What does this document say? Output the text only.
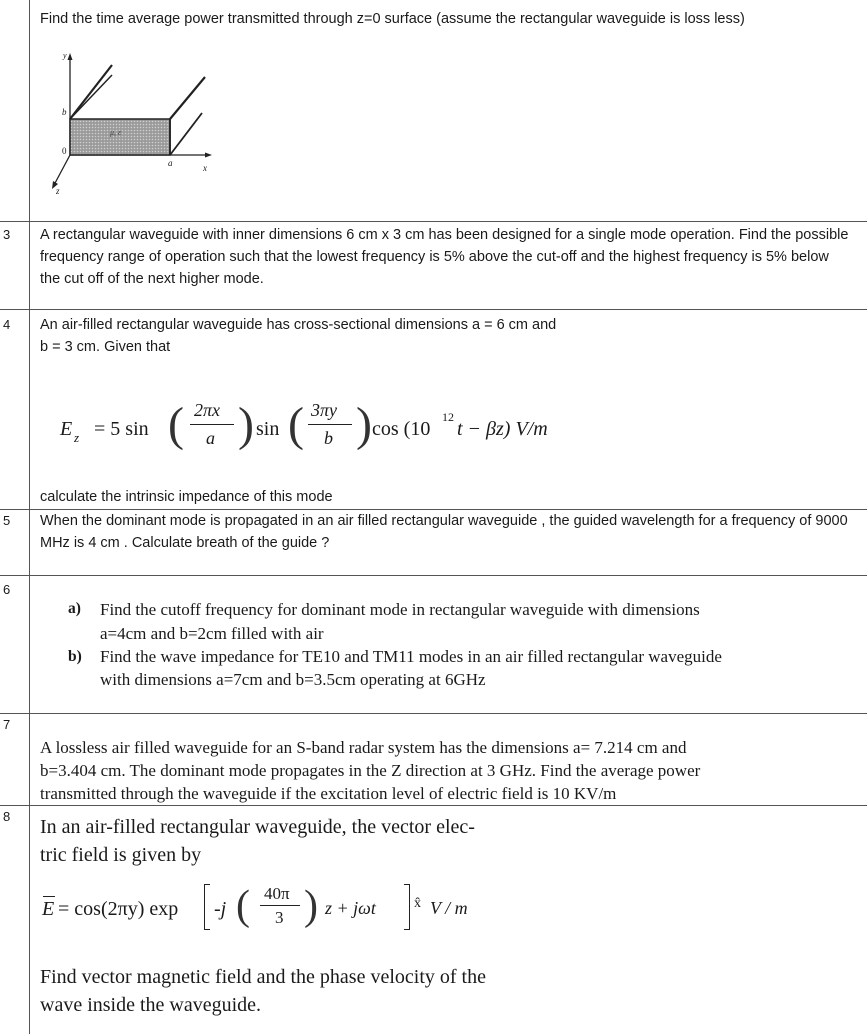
Find the time average power transmitted through z=0 surface (assume the rectangular waveguide is loss less)
y
b
0
μ, ε
a	x
z
3 A rectangular waveguide with inner dimensions 6 cm x 3 cm has been designed for a single mode operation. Find the possible frequency range of operation such that the lowest frequency is 5% above the cut-off and the highest frequency is 5% below the cut off of the next higher mode.
4 An air-filled rectangular waveguide has cross-sectional dimensions a = 6 cm and
b = 3 cm. Given that
E z = 5 sin ( 2πx
a ) sin ( 3πy
b ) cos (10
12
t − βz) V/m
calculate the intrinsic impedance of this mode
5 When the dominant mode is propagated in an air filled rectangular waveguide , the guided wavelength for a frequency of 9000 MHz is 4 cm . Calculate breath of the guide ?
6
a) Find the cutoff frequency for dominant mode in rectangular waveguide with dimensions
a=4cm and b=2cm filled with air
b) Find the wave impedance for TE10 and TM11 modes in an air filled rectangular waveguide
with dimensions a=7cm and b=3.5cm operating at 6GHz
7
A lossless air filled waveguide for an S-band radar system has the dimensions a= 7.214 cm and
b=3.404 cm. The dominant mode propagates in the Z direction at 3 GHz. Find the average power
transmitted through the waveguide if the excitation level of electric field is 10 KV/m
8 In an air-filled rectangular waveguide, the vector elec-
tric field is given by
E = cos(2πy) exp -j ( 40π
3 ) z + jωt	x̂ V / m
Find vector magnetic field and the phase velocity of the
wave inside the waveguide.
